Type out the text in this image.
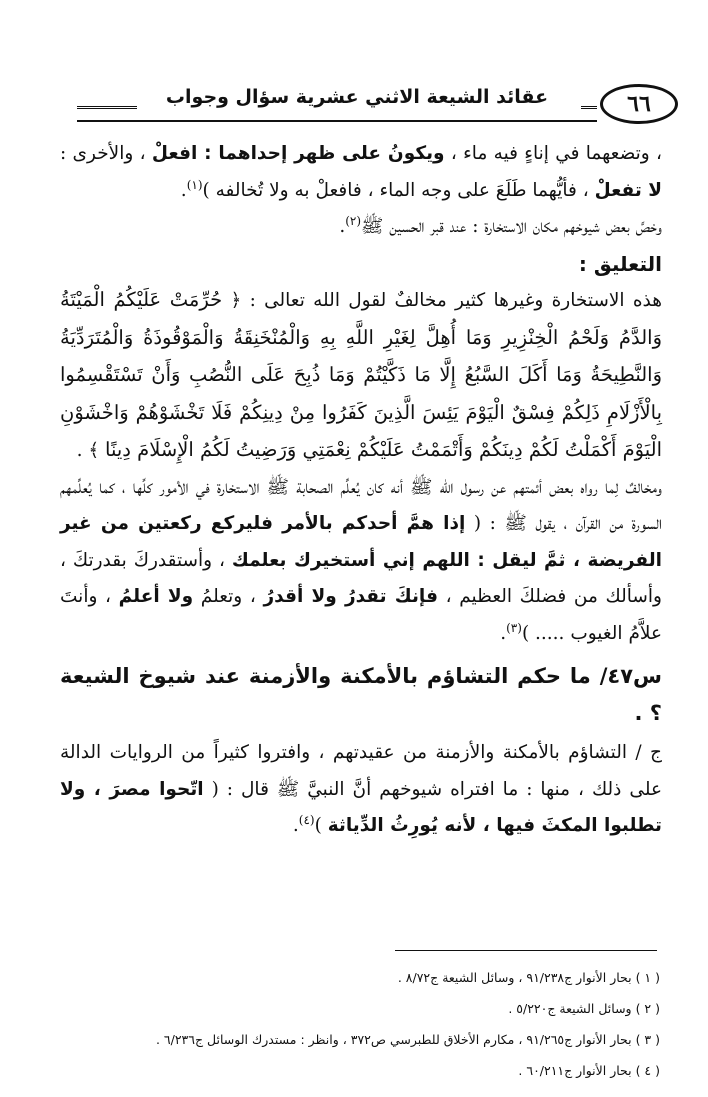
٦٦
عقائد الشيعة الاثني عشرية سؤال وجواب

، وتضعهما في إناءٍ فيه ماء ، ويكونُ على ظهر إحداهما : افعلْ ، والأخرى : لا تفعلْ ، فأيُّهما طَلَعَ على وجه الماء ، فافعلْ به ولا تُخالفه )$^{(١)}$.

وخصَّ بعض شيوخهم مكان الاستخارة : عند قبر الحسين ﷺ$^{(٢)}$.

التعليق :

هذه الاستخارة وغيرها كثير مخالفٌ لقول الله تعالى : ﴿ حُرِّمَتْ عَلَيْكُمُ الْمَيْتَةُ وَالدَّمُ وَلَحْمُ الْخِنْزِيرِ وَمَا أُهِلَّ لِغَيْرِ اللَّهِ بِهِ وَالْمُنْخَنِقَةُ وَالْمَوْقُوذَةُ وَالْمُتَرَدِّيَةُ وَالنَّطِيحَةُ وَمَا أَكَلَ السَّبُعُ إِلَّا مَا ذَكَّيْتُمْ وَمَا ذُبِحَ عَلَى النُّصُبِ وَأَنْ تَسْتَقْسِمُوا بِالْأَزْلَامِ ذَلِكُمْ فِسْقٌ الْيَوْمَ يَئِسَ الَّذِينَ كَفَرُوا مِنْ دِينِكُمْ فَلَا تَخْشَوْهُمْ وَاخْشَوْنِ الْيَوْمَ أَكْمَلْتُ لَكُمْ دِينَكُمْ وَأَتْمَمْتُ عَلَيْكُمْ نِعْمَتِي وَرَضِيتُ لَكُمُ الْإِسْلَامَ دِينًا ﴾ .

ومخالفٌ لِما رواه بعض أئمتهم عن رسول الله ﷺ أنه كان يُعلِّم الصحابة ﷺ الاستخارة في الأمور كلِّها ، كما يُعلِّمهم السورة من القرآن ، يقول ﷺ : ( إذا همَّ أحدكم بالأمر فليركع ركعتين من غير الفريضة ، ثمَّ ليقل : اللهم إني أستخيرك بعلمك ، وأستقدركَ بقدرتكَ ، وأسألك من فضلكَ العظيم ، فإنكَ تقدرُ ولا أقدرُ ، وتعلمُ ولا أعلمُ ، وأنتَ علاَّمُ الغيوب ..... )$^{(٣)}$.

س٤٧/ ما حكم التشاؤم بالأمكنة والأزمنة عند شيوخ الشيعة ؟ .

ج / التشاؤم بالأمكنة والأزمنة من عقيدتهم ، وافتروا كثيراً من الروايات الدالة على ذلك ، منها : ما افتراه شيوخهم أنَّ النبيَّ ﷺ قال : ( اتّحوا مصرَ ، ولا تطلبوا المكثَ فيها ، لأنه يُورِثُ الدِّياثة )$^{(٤)}$.

( ١ ) بحار الأنوار ج٩١/٢٣٨ ، وسائل الشيعة ج٨/٧٢ .
( ٢ ) وسائل الشيعة ج٥/٢٢٠ .
( ٣ ) بحار الأنوار ج٩١/٢٦٥ ، مكارم الأخلاق للطبرسي ص٣٧٢ ، وانظر : مستدرك الوسائل ج٦/٢٣٦ .
( ٤ ) بحار الأنوار ج٦٠/٢١١ .
